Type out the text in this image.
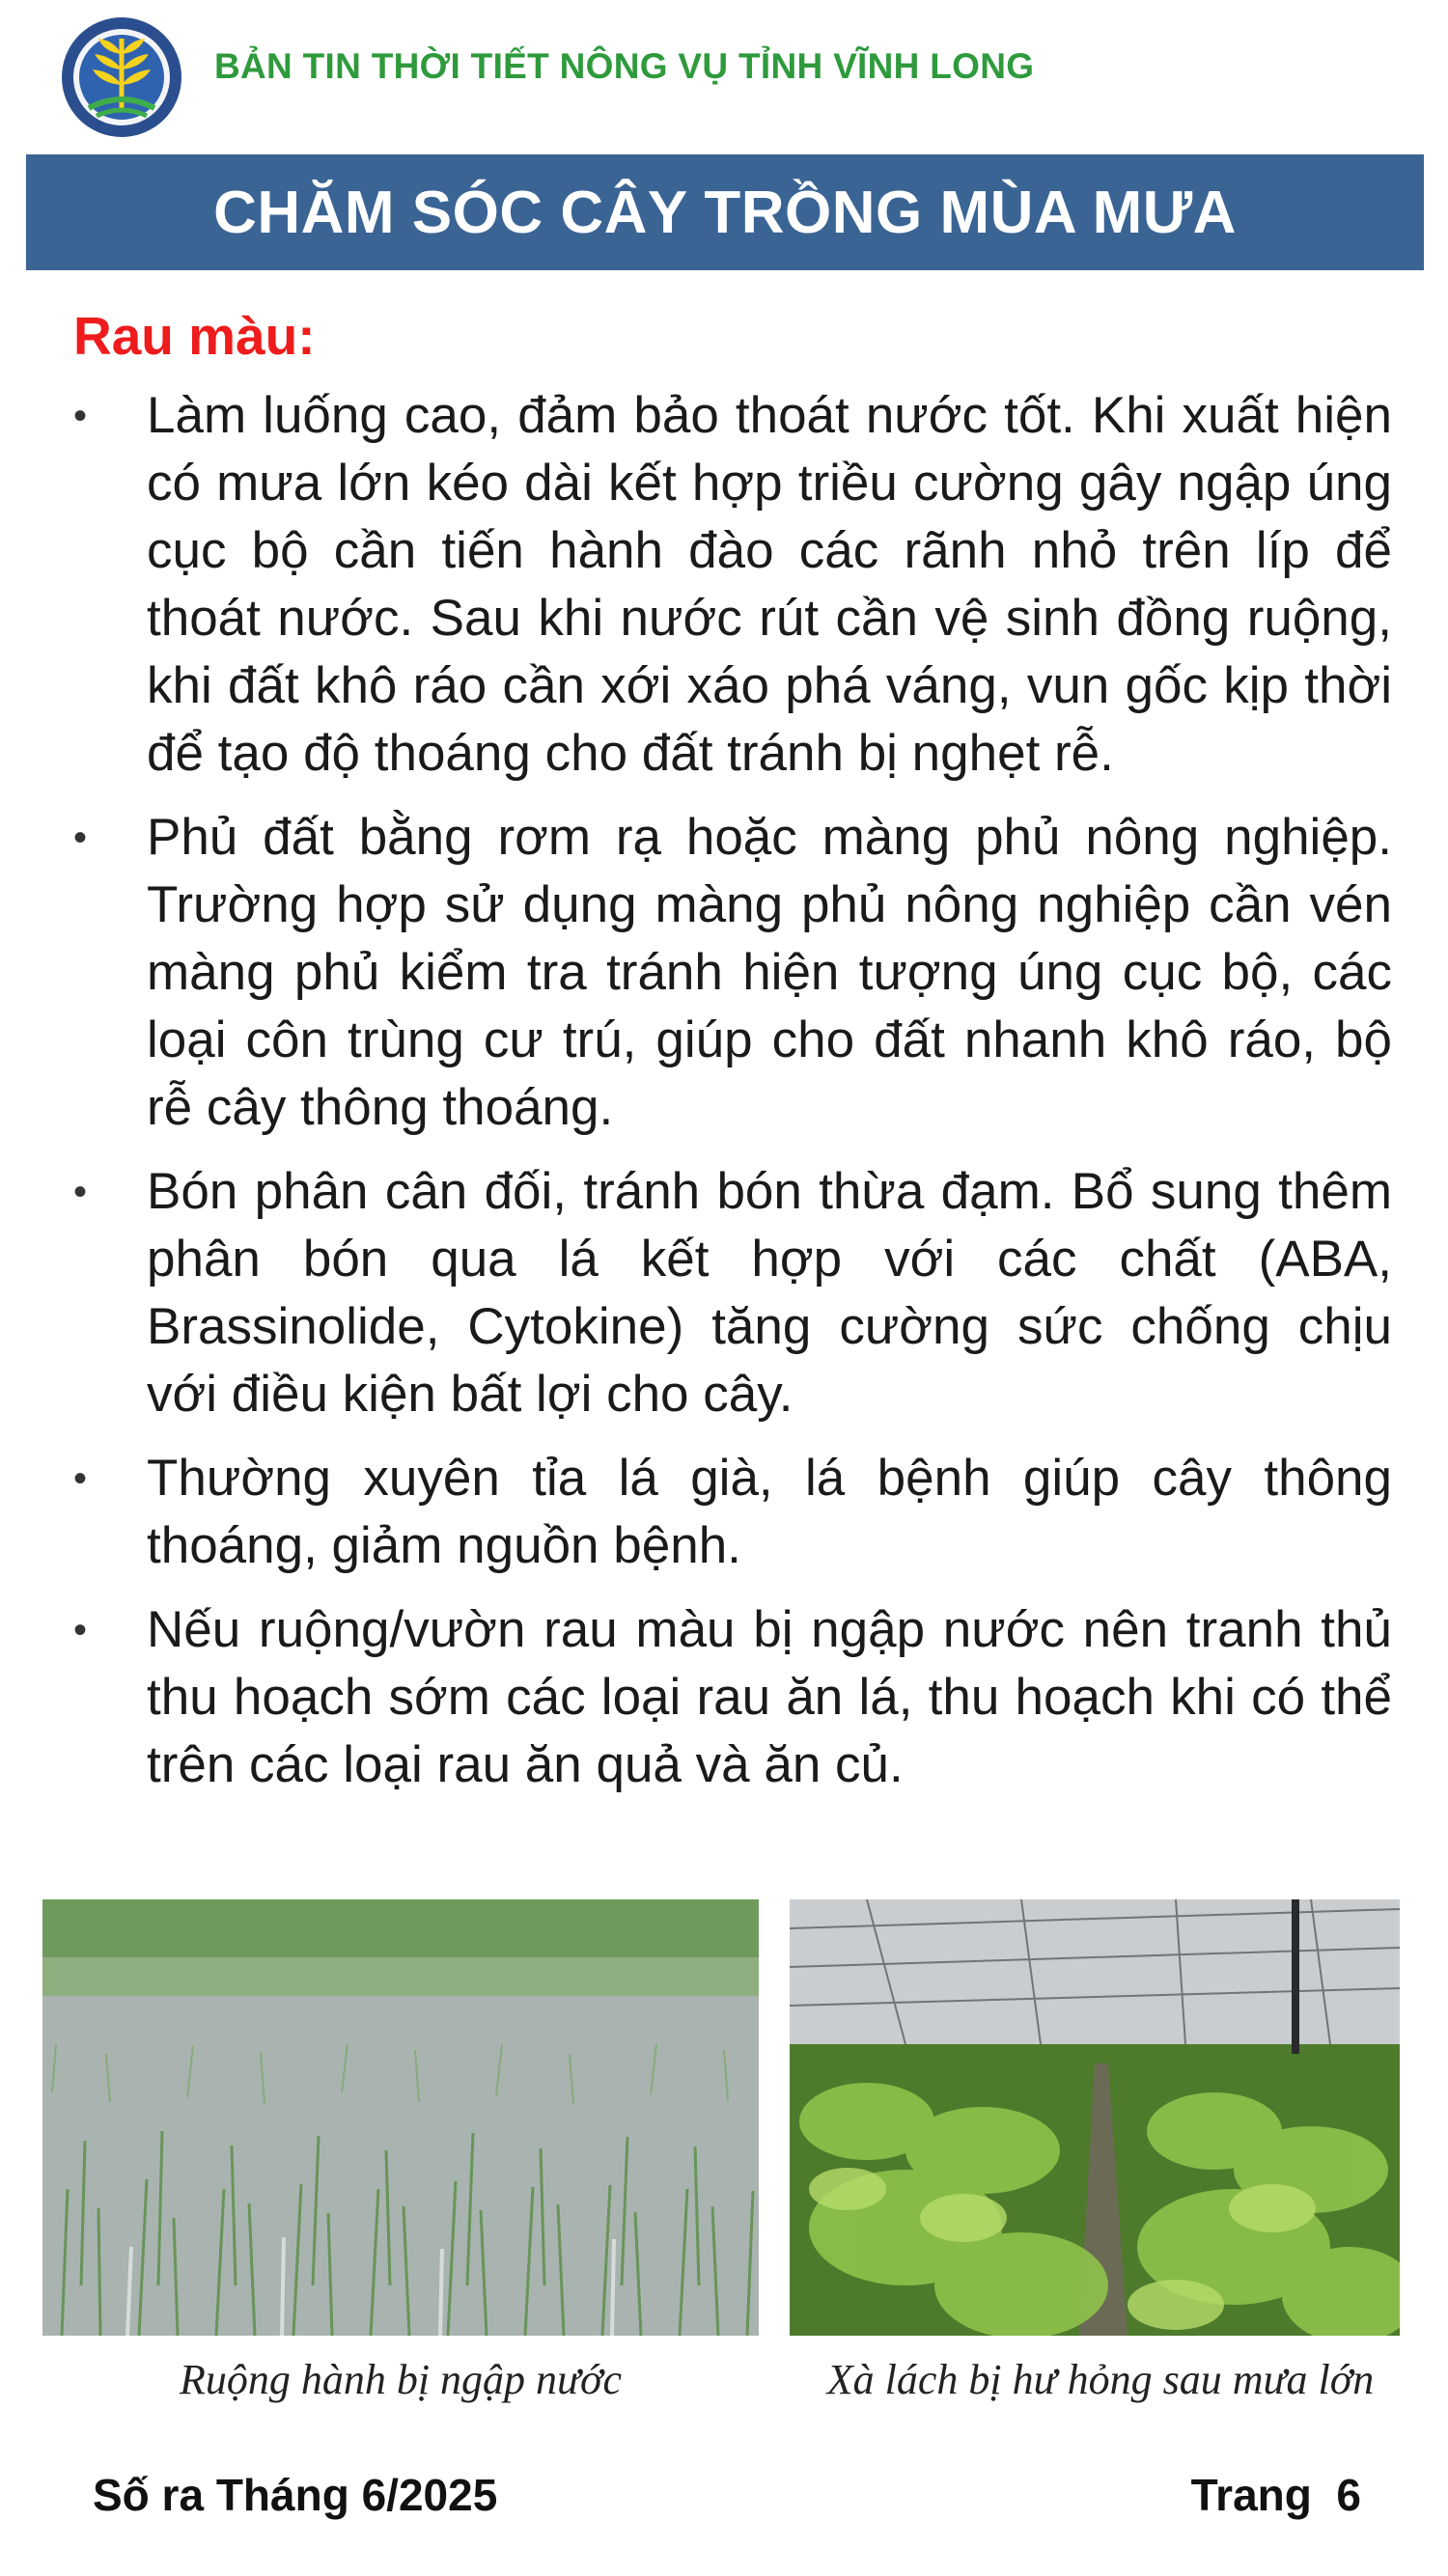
BẢN TIN THỜI TIẾT NÔNG VỤ TỈNH VĨNH LONG
CHĂM SÓC CÂY TRỒNG MÙA MƯA
Rau màu:
•	Làm luống cao, đảm bảo thoát nước tốt. Khi xuất hiện có mưa lớn kéo dài kết hợp triều cường gây ngập úng cục bộ cần tiến hành đào các rãnh nhỏ trên líp để thoát nước. Sau khi nước rút cần vệ sinh đồng ruộng, khi đất khô ráo cần xới xáo phá váng, vun gốc kịp thời để tạo độ thoáng cho đất tránh bị nghẹt rễ.
•	Phủ đất bằng rơm rạ hoặc màng phủ nông nghiệp. Trường hợp sử dụng màng phủ nông nghiệp cần vén màng phủ kiểm tra tránh hiện tượng úng cục bộ, các loại côn trùng cư trú, giúp cho đất nhanh khô ráo, bộ rễ cây thông thoáng.
•	Bón phân cân đối, tránh bón thừa đạm. Bổ sung thêm phân bón qua lá kết hợp với các chất (ABA, Brassinolide, Cytokine) tăng cường sức chống chịu với điều kiện bất lợi cho cây.
•	Thường xuyên tỉa lá già, lá bệnh giúp cây thông thoáng, giảm nguồn bệnh.
•	Nếu ruộng/vườn rau màu bị ngập nước nên tranh thủ thu hoạch sớm các loại rau ăn lá, thu hoạch khi có thể trên các loại rau ăn quả và ăn củ.
Ruộng hành bị ngập nước	Xà lách bị hư hỏng sau mưa lớn
Số ra Tháng 6/2025	Trang  6
